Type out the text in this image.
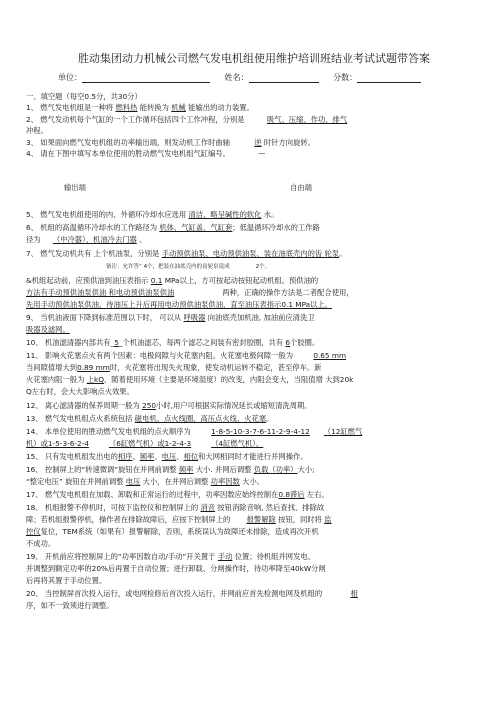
胜动集团动力机械公司燃气发电机组使用维护培训班结业考试试题带答案
单位：	姓名：	分数：
一、填空题（每空0.5分，共30分）
1、 燃气发电机组是一种将 燃料热 能转换为 机械 能输出的动力装置。
2、 燃气发动机每个气缸的一个工作循环包括四个工作冲程，分别是	吸气、压缩、作功、排气
冲程。
3、 如果面向燃气发电机组的功率输出端，则发动机工作时曲轴	逆 时针方向旋转。
4、 请在下图中填写本单位使用的胜动燃气发电机组气缸编号。	—
输出端	自由端
5、 燃气发电机组使用的内、外循环冷却水应选用 清洁、略呈碱性的软化 水。
6、 机组的高温循环冷却水的工作路径为 机体、气缸盖、气缸套；低温循环冷却水的工作路
径为 （中冷器）、机油冷去门器 。
7、 燃气发动机共有 上个机油泵，分别是 手动预供油泵、电动预供油泵、装在油底壳内的齿 轮泵。
备注：允许答“ 4个，把装在油底壳内的齿轮泵说成	2个。
&机组起动前，应预供油到油压表指示 0.1 MPa以上，方可按起动按钮起动机组。预供油的
方法有手动预供油泵供油 和电动预供油泵供油	两种，正确的操作方法是二者配合使用，
先用手动预供油泵供油，待油压上升后再用电动预供油泵供油，直至油压表指示0.1 MPa以上。
9、 当机油液面下降到标准范围以下时， 可以从 呼吸器 向油底壳加机油, 加油前应清洗卫
吸器及滤网。
10、 机油滤清器内部共有_5_个机油滤芯，每两个滤芯之间装有密封胶圈，共有 6个胶圈。
11、 影响火花塞点火有两个因素：电极间隙与火花塞内阻。火花塞电极间隙一般为 0.65 mm
当间隙值增大到0.89 mm时，火花塞将出现失火现象，使发动机运转不稳定，甚至停车。新
火花塞内阻一般为 上kQ，随着使用环境（主要是环境湿度）的改变，内阻会变大，当阻值增 大到20k
Q左右时，会大大影响点火效果。
12、 离心滤清器的保养周期一般为 250小时,用户可根据实际情况延长或缩短清洗周期。
13、 燃气发电机组点火系统包括 磁电机、点火线圈、高压点火线、火花塞。
14、 本单位使用的胜动燃气发电机组的点火顺序为 1-8-5-10-3-7-6-11-2-9-4-12 （12缸燃气
机）或1-5-3-6-2-4	（6缸燃气机）或1-2-4-3	（4缸燃气机）。
15、 只有发电机组发出电的相序、频率、电压、相位和大网相同时才能进行并网操作。
16、 控制屏上的“转速微调”旋钮在并网前调整 频率 大小. 并网后调整 负载（功率）大小;
“整定电压” 旋钮在并网前调整 电压 大小，在并网后调整 功率因数 大小。
17、 燃气发电机组在加载、卸载和正常运行的过程中，功率因数应始终控制在0.8滞后 左右。
18、 机组报警不停机时，可按下监控仪和控制屏上的 消音 按钮消除音响, 然后查找、排除故
障；若机组报警停机，操作者在排除故障后，应按下控制屏上的 报警解除 按钮，同时将 监
控仪复位，TEM系统（如果有）报警解除，否则，系统误认为故障还未排除，造成再次开机
不成功。
19、 开机前应将控制屏上的“功率因数自动/手动”开关置于 手动 位置；待机组并网发电、
并调整到额定功率的20%后再置于自动位置；进行卸载、分闸操作时，待功率降至40kW分闸
后再将其置于手动位置。
20、 当控制屏首次投入运行，或电网检修后首次投入运行，并网前应首先检测电网及机组的	相
序，如不一致须进行调整。
